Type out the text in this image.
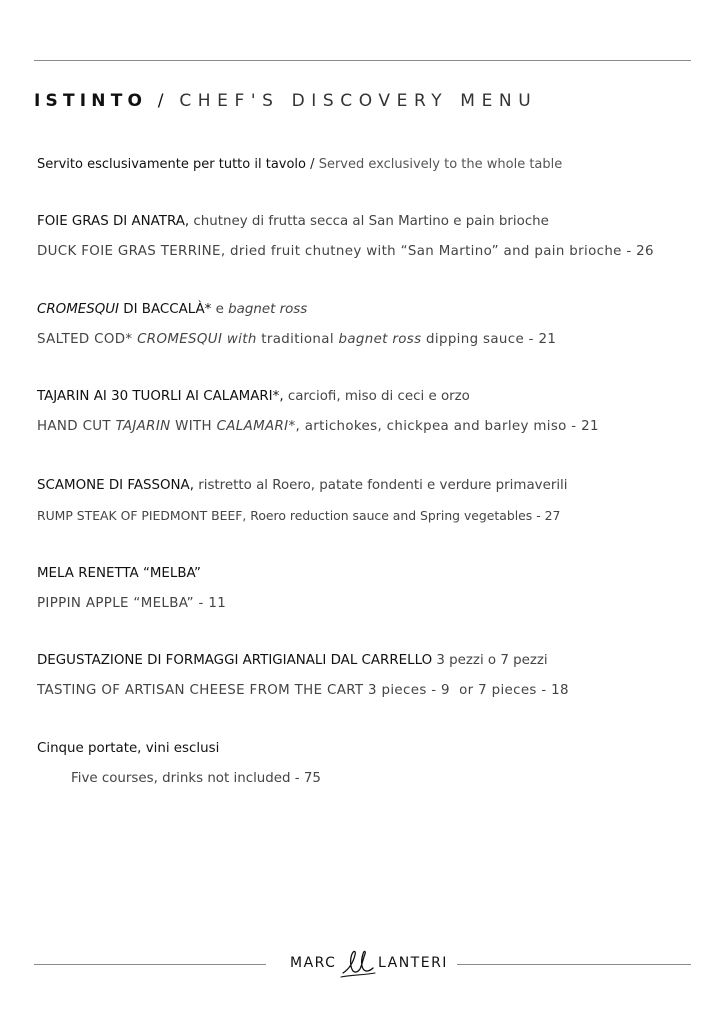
ISTINTO / CHEF'S DISCOVERY MENU
Servito esclusivamente per tutto il tavolo / Served exclusively to the whole table
FOIE GRAS DI ANATRA, chutney di frutta secca al San Martino e pain brioche
DUCK FOIE GRAS TERRINE, dried fruit chutney with “San Martino” and pain brioche - 26
CROMESQUI DI BACCALÀ* e bagnet ross
SALTED COD* CROMESQUI with traditional bagnet ross dipping sauce - 21
TAJARIN AI 30 TUORLI AI CALAMARI*, carciofi, miso di ceci e orzo
HAND CUT TAJARIN WITH CALAMARI*, artichokes, chickpea and barley miso - 21
SCAMONE DI FASSONA, ristretto al Roero, patate fondenti e verdure primaverili
RUMP STEAK OF PIEDMONT BEEF, Roero reduction sauce and Spring vegetables - 27
MELA RENETTA “MELBA”
PIPPIN APPLE “MELBA” - 11
DEGUSTAZIONE DI FORMAGGI ARTIGIANALI DAL CARRELLO 3 pezzi o 7 pezzi
TASTING OF ARTISAN CHEESE FROM THE CART 3 pieces - 9  or 7 pieces - 18
Cinque portate, vini esclusi
Five courses, drinks not included - 75
MARC	LANTERI
